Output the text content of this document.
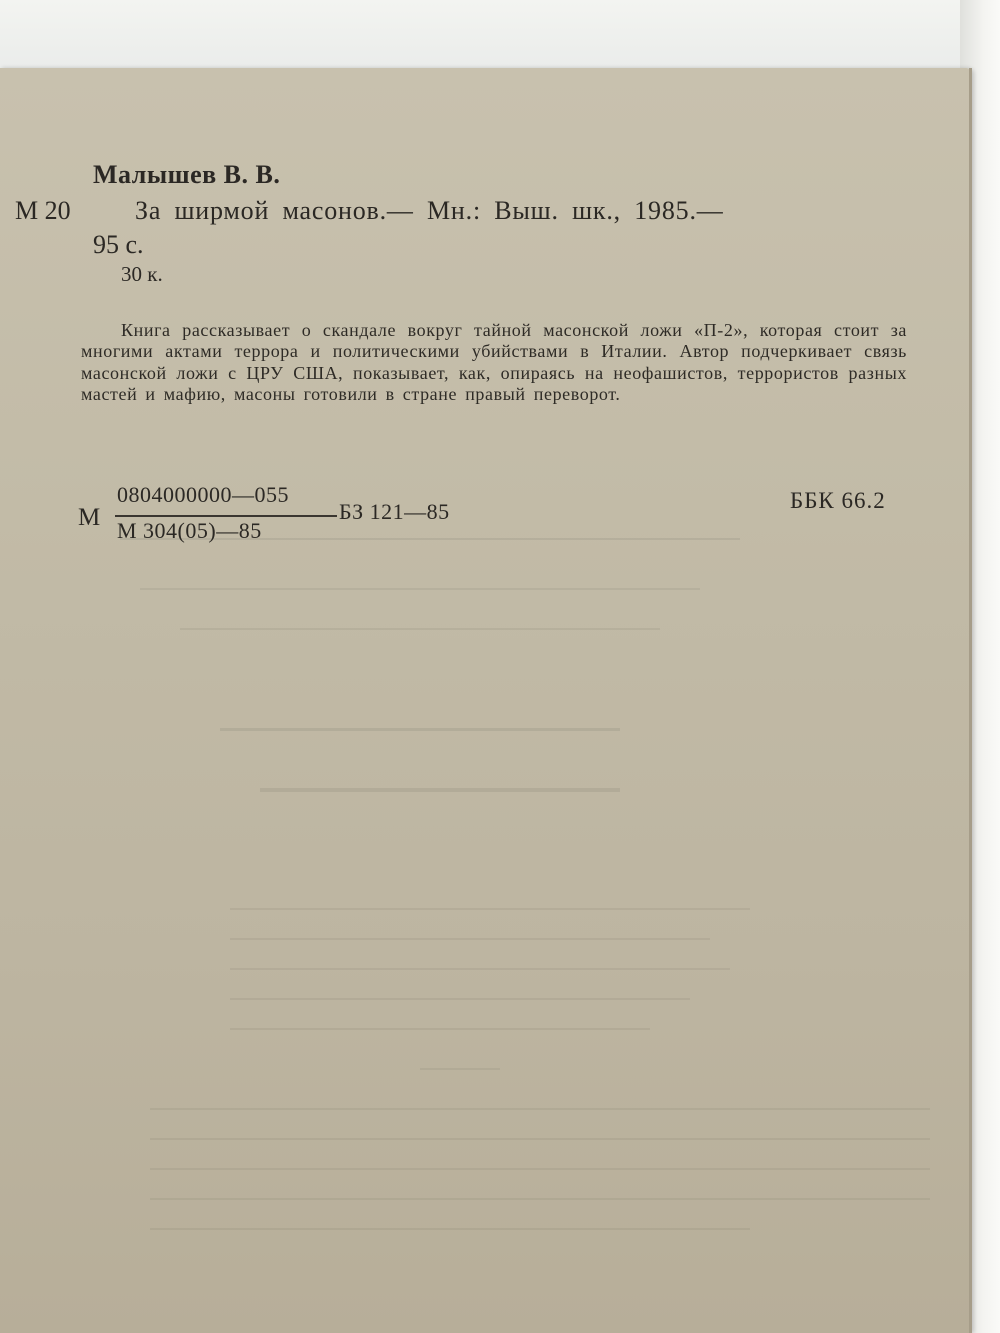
Малышев В. В.
М 20 За ширмой масонов.— Мн.: Выш. шк., 1985.—
95 с.
30 к.
Книга рассказывает о скандале вокруг тайной масонской ложи «П-2», которая стоит за многими актами террора и политическими убийствами в Италии. Автор подчеркивает связь масонской ложи с ЦРУ США, показывает, как, опираясь на неофашистов, террористов разных мастей и мафию, масоны готовили в стране правый переворот.
М
0804000000—055
М 304(05)—85
БЗ 121—85	ББК 66.2
